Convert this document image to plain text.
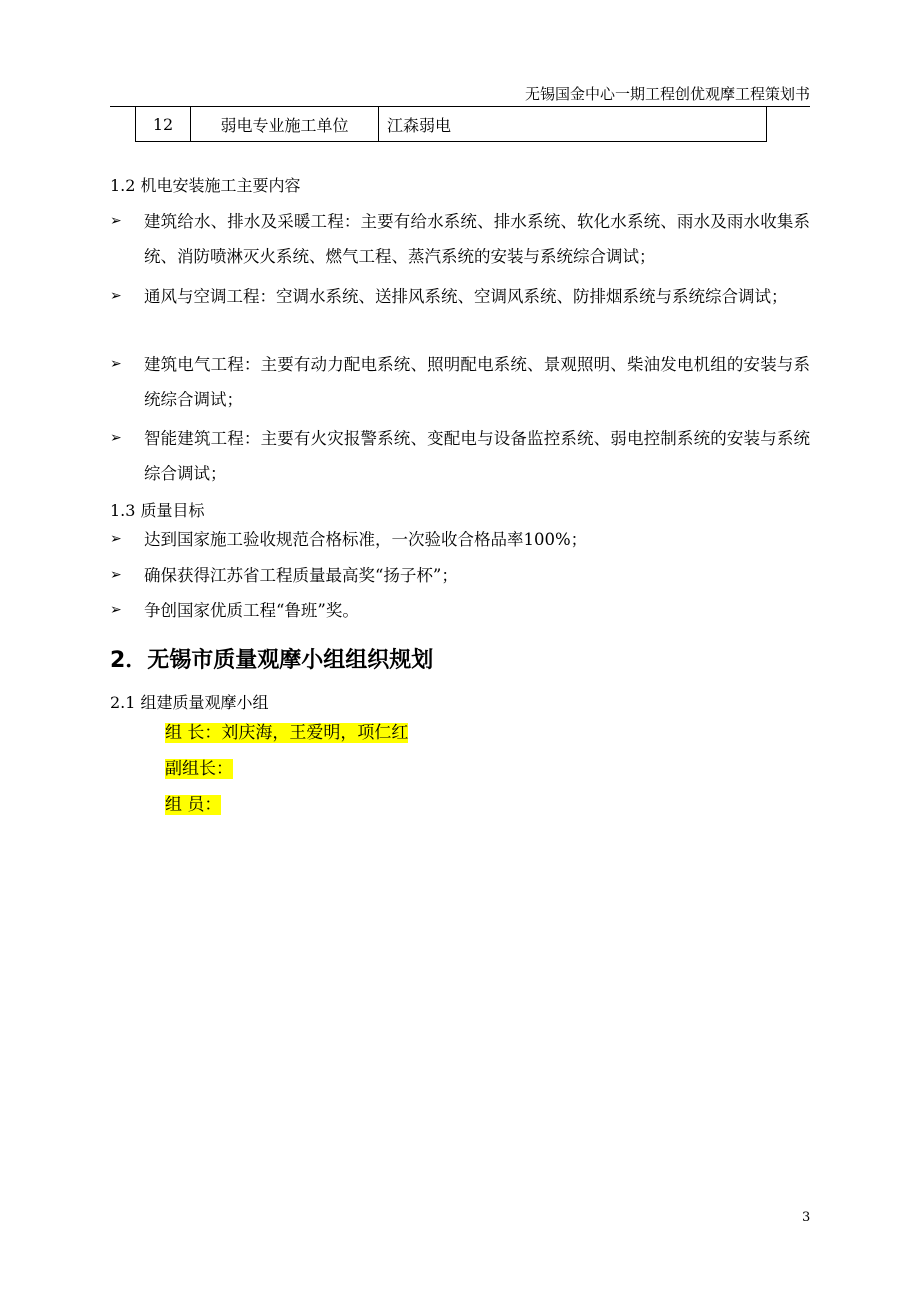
无锡国金中心一期工程创优观摩工程策划书
12	弱电专业施工单位	江森弱电
1.2 机电安装施工主要内容
➢	建筑给水、排水及采暖工程：主要有给水系统、排水系统、软化水系统、雨水及雨水收集系统、消防喷淋灭火系统、燃气工程、蒸汽系统的安装与系统综合调试；
➢	通风与空调工程：空调水系统、送排风系统、空调风系统、防排烟系统与系统综合调试；
➢	建筑电气工程：主要有动力配电系统、照明配电系统、景观照明、柴油发电机组的安装与系统综合调试；
➢	智能建筑工程：主要有火灾报警系统、变配电与设备监控系统、弱电控制系统的安装与系统综合调试；
1.3 质量目标
➢	达到国家施工验收规范合格标准，一次验收合格品率100%；
➢	确保获得江苏省工程质量最高奖“扬子杯”；
➢	争创国家优质工程“鲁班”奖。
2．无锡市质量观摩小组组织规划
2.1 组建质量观摩小组
组 长：刘庆海，王爱明，项仁红
副组长：
组 员：
3
